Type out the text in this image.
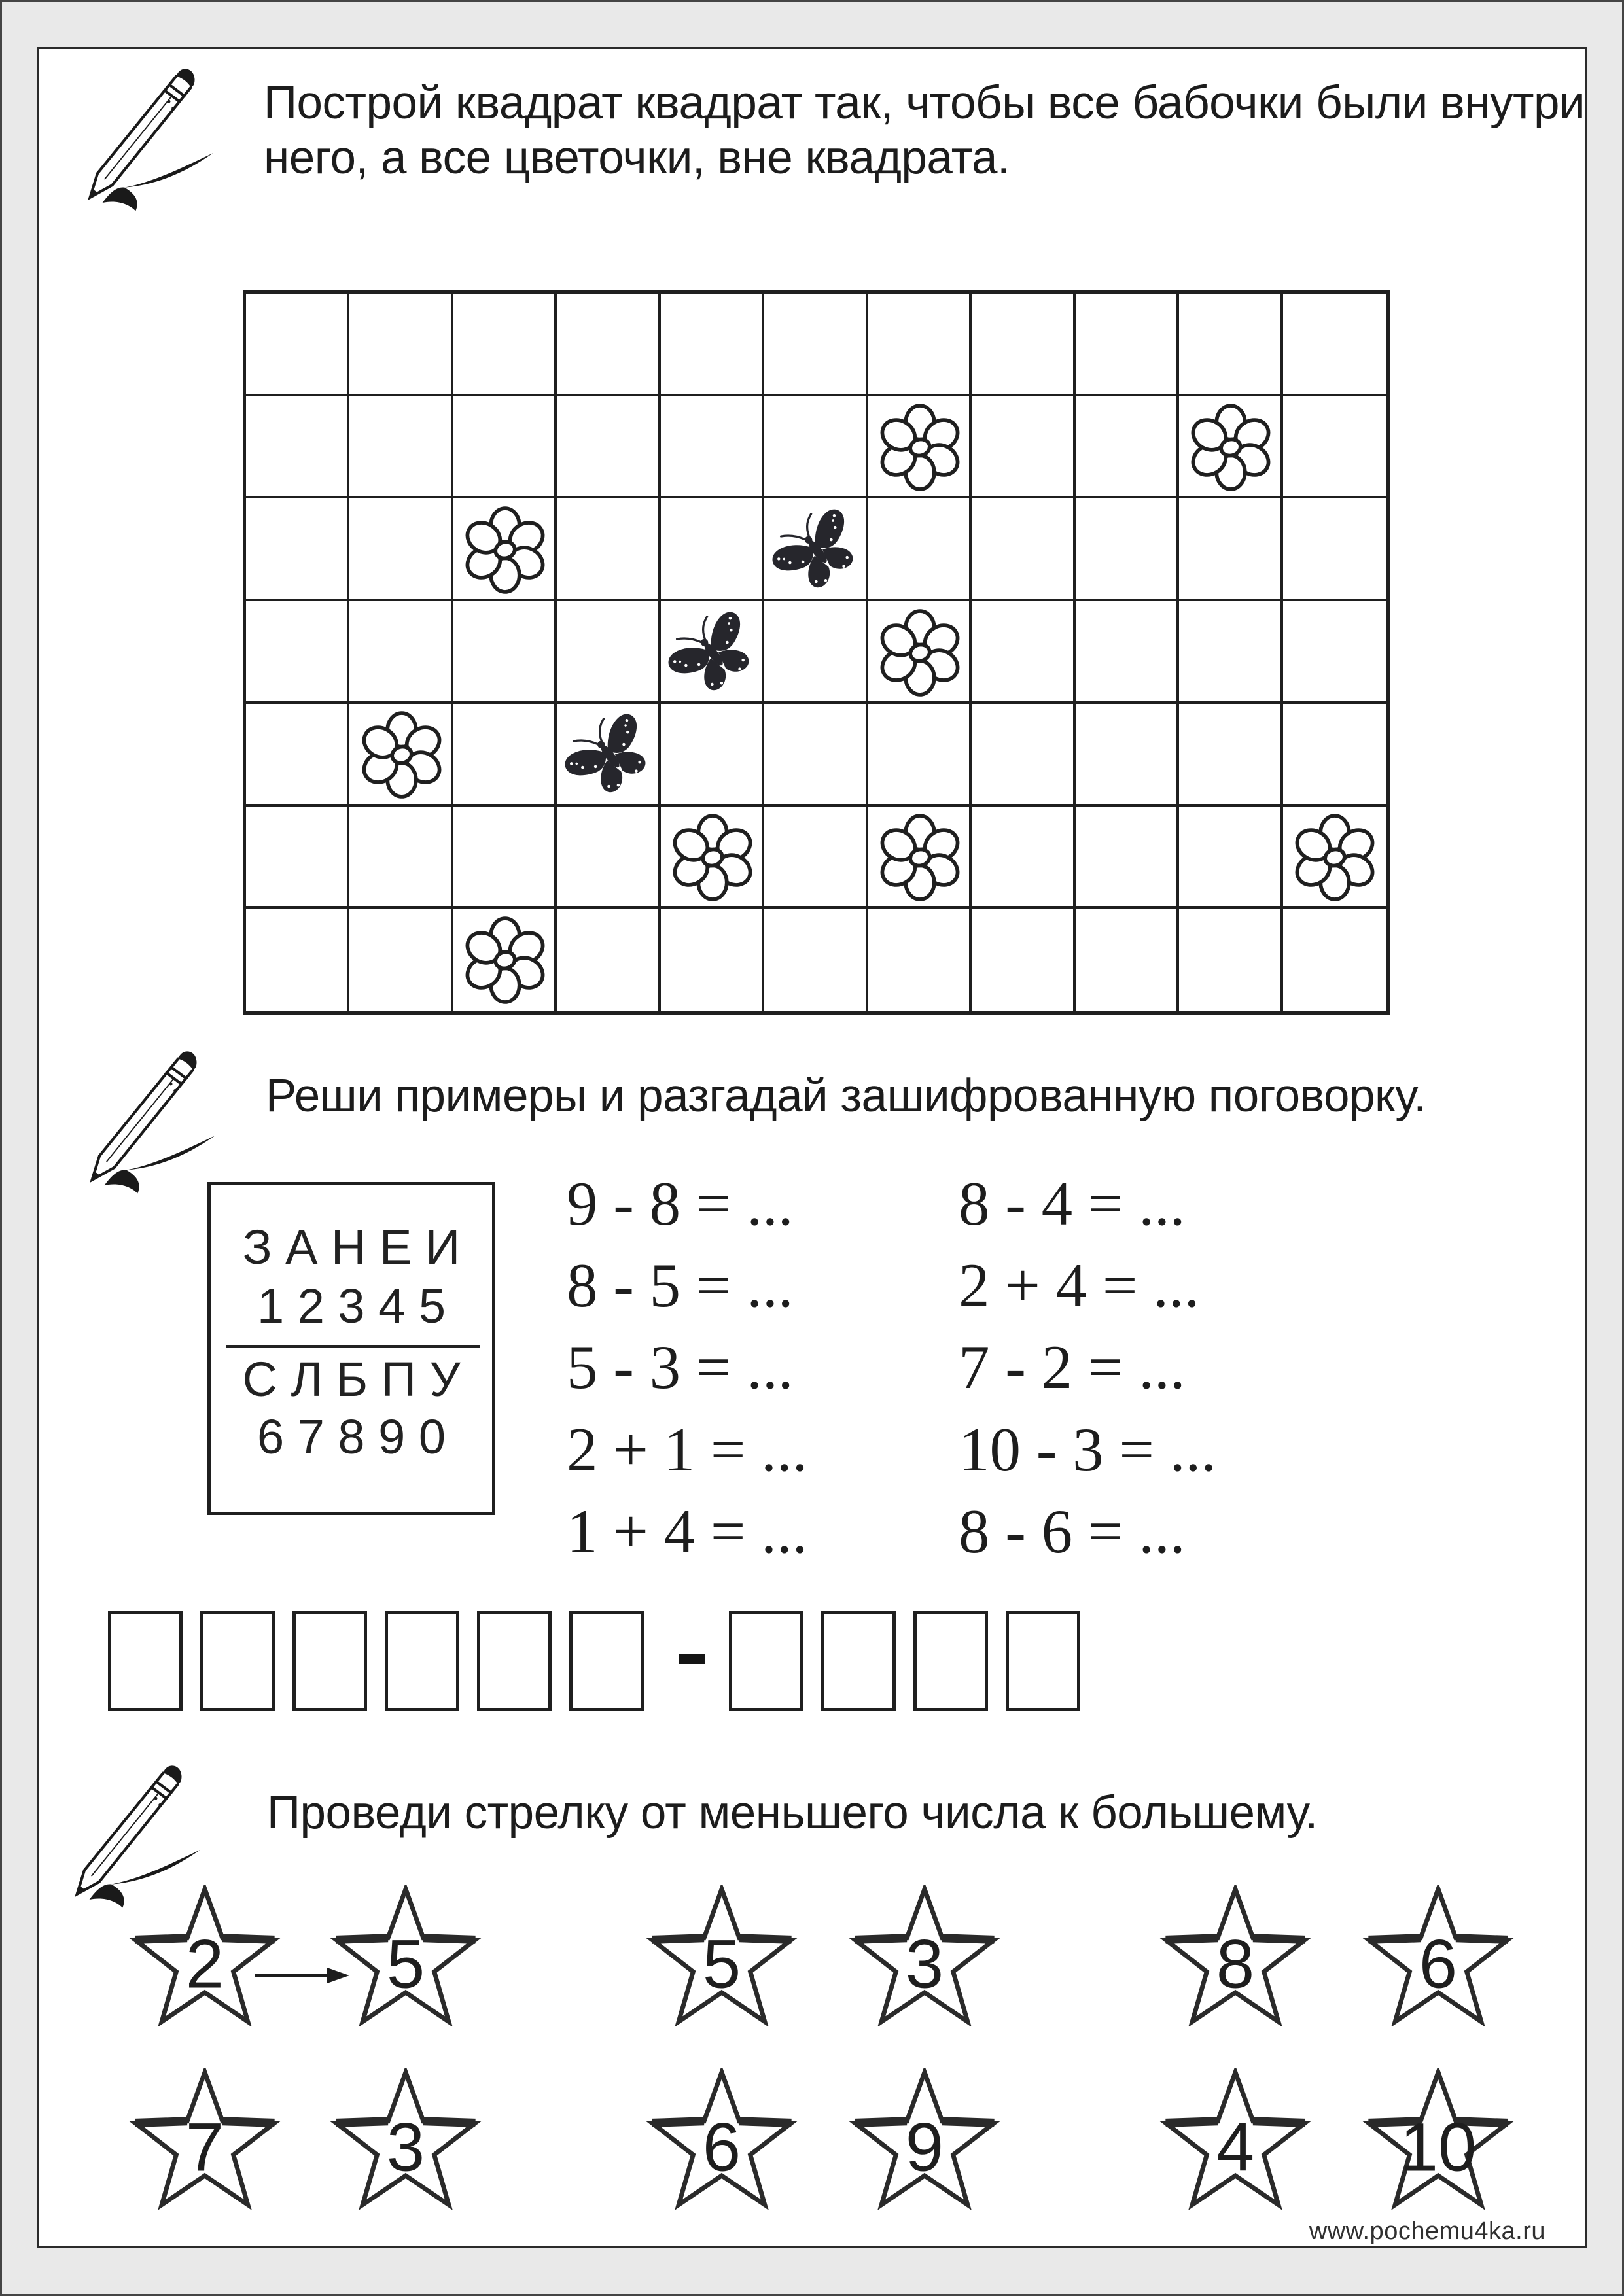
Построй квадрат квадрат так, чтобы все бабочки были внутри
него, а все цветочки, вне квадрата.
Реши примеры и разгадай зашифрованную поговорку.
З А Н Е И
1 2 3 4 5
С Л Б П У
6 7 8 9 0
9 - 8 = ...
8 - 5 = ...
5 - 3 = ...
2 + 1 = ...
1 + 4 = ...
8 - 4 = ...
2 + 4 = ...
7 - 2 = ...
10 - 3 = ...
8 - 6 = ...
Проведи стрелку от меньшего числа к большему.
2	5	5	3	8	6
7	3	6	9	4	10
www.pochemu4ka.ru
